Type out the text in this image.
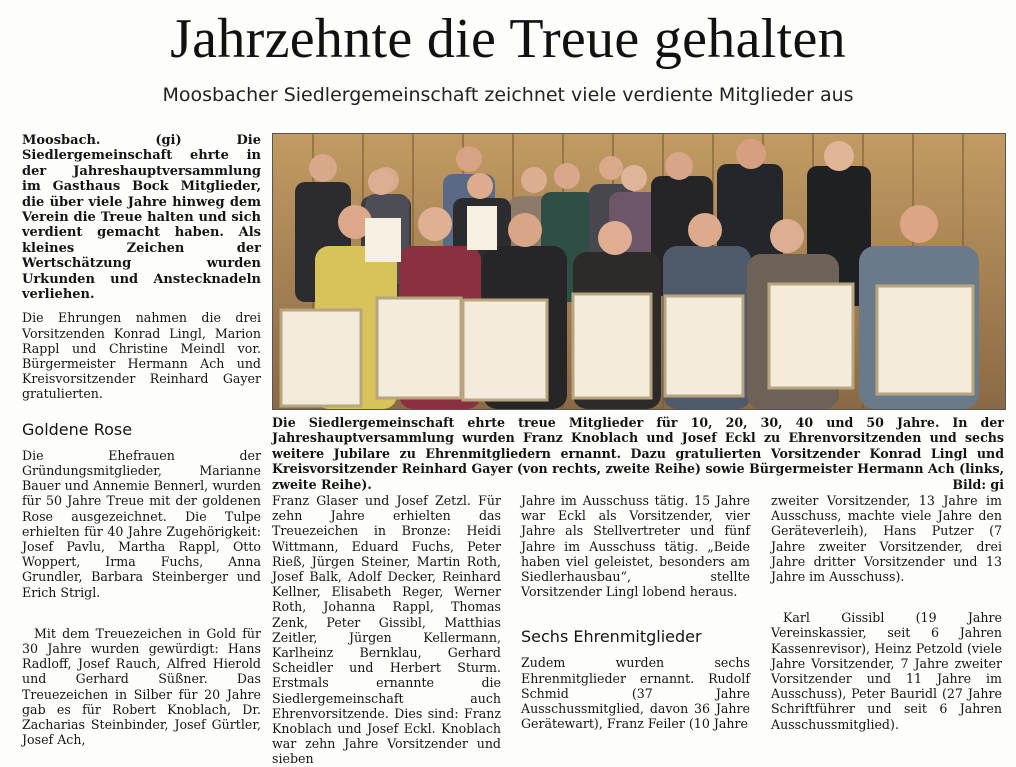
Jahrzehnte die Treue gehalten
Moosbacher Siedlergemeinschaft zeichnet viele verdiente Mitglieder aus

Moosbach. (gi) Die Siedlergemeinschaft ehrte in der Jahreshauptversammlung im Gasthaus Bock Mitglieder, die über viele Jahre hinweg dem Verein die Treue halten und sich verdient gemacht haben. Als kleines Zeichen der Wertschätzung wurden Urkunden und Anstecknadeln verliehen.

Die Ehrungen nahmen die drei Vorsitzenden Konrad Lingl, Marion Rappl und Christine Meindl vor. Bürgermeister Hermann Ach und Kreisvorsitzender Reinhard Gayer gratulierten.

Goldene Rose

Die Ehefrauen der Gründungsmitglieder, Marianne Bauer und Annemie Bennerl, wurden für 50 Jahre Treue mit der goldenen Rose ausgezeichnet. Die Tulpe erhielten für 40 Jahre Zugehörigkeit: Josef Pavlu, Martha Rappl, Otto Woppert, Irma Fuchs, Anna Grundler, Barbara Steinberger und Erich Strigl.

Mit dem Treuezeichen in Gold für 30 Jahre wurden gewürdigt: Hans Radloff, Josef Rauch, Alfred Hierold und Gerhard Süßner. Das Treuezeichen in Silber für 20 Jahre gab es für Robert Knoblach, Dr. Zacharias Steinbinder, Josef Gürtler, Josef Ach,

Die Siedlergemeinschaft ehrte treue Mitglieder für 10, 20, 30, 40 und 50 Jahre. In der Jahreshauptversammlung wurden Franz Knoblach und Josef Eckl zu Ehrenvorsitzenden und sechs weitere Jubilare zu Ehrenmitgliedern ernannt. Dazu gratulierten Vorsitzender Konrad Lingl und Kreisvorsitzender Reinhard Gayer (von rechts, zweite Reihe) sowie Bürgermeister Hermann Ach (links, zweite Reihe).	Bild: gi

Franz Glaser und Josef Zetzl. Für zehn Jahre erhielten das Treuezeichen in Bronze: Heidi Wittmann, Eduard Fuchs, Peter Rieß, Jürgen Steiner, Martin Roth, Josef Balk, Adolf Decker, Reinhard Kellner, Elisabeth Reger, Werner Roth, Johanna Rappl, Thomas Zenk, Peter Gissibl, Matthias Zeitler, Jürgen Kellermann, Karlheinz Bernklau, Gerhard Scheidler und Herbert Sturm. Erstmals ernannte die Siedlergemeinschaft auch Ehrenvorsitzende. Dies sind: Franz Knoblach und Josef Eckl. Knoblach war zehn Jahre Vorsitzender und sieben

Jahre im Ausschuss tätig. 15 Jahre war Eckl als Vorsitzender, vier Jahre als Stellvertreter und fünf Jahre im Ausschuss tätig. „Beide haben viel geleistet, besonders am Siedlerhausbau“, stellte Vorsitzender Lingl lobend heraus.

Sechs Ehrenmitglieder

Zudem wurden sechs Ehrenmitglieder ernannt. Rudolf Schmid (37 Jahre Ausschussmitglied, davon 36 Jahre Gerätewart), Franz Feiler (10 Jahre

zweiter Vorsitzender, 13 Jahre im Ausschuss, machte viele Jahre den Geräteverleih), Hans Putzer (7 Jahre zweiter Vorsitzender, drei Jahre dritter Vorsitzender und 13 Jahre im Ausschuss).

Karl Gissibl (19 Jahre Vereinskassier, seit 6 Jahren Kassenrevisor), Heinz Petzold (viele Jahre Vorsitzender, 7 Jahre zweiter Vorsitzender und 11 Jahre im Ausschuss), Peter Bauridl (27 Jahre Schriftführer und seit 6 Jahren Ausschussmitglied).
